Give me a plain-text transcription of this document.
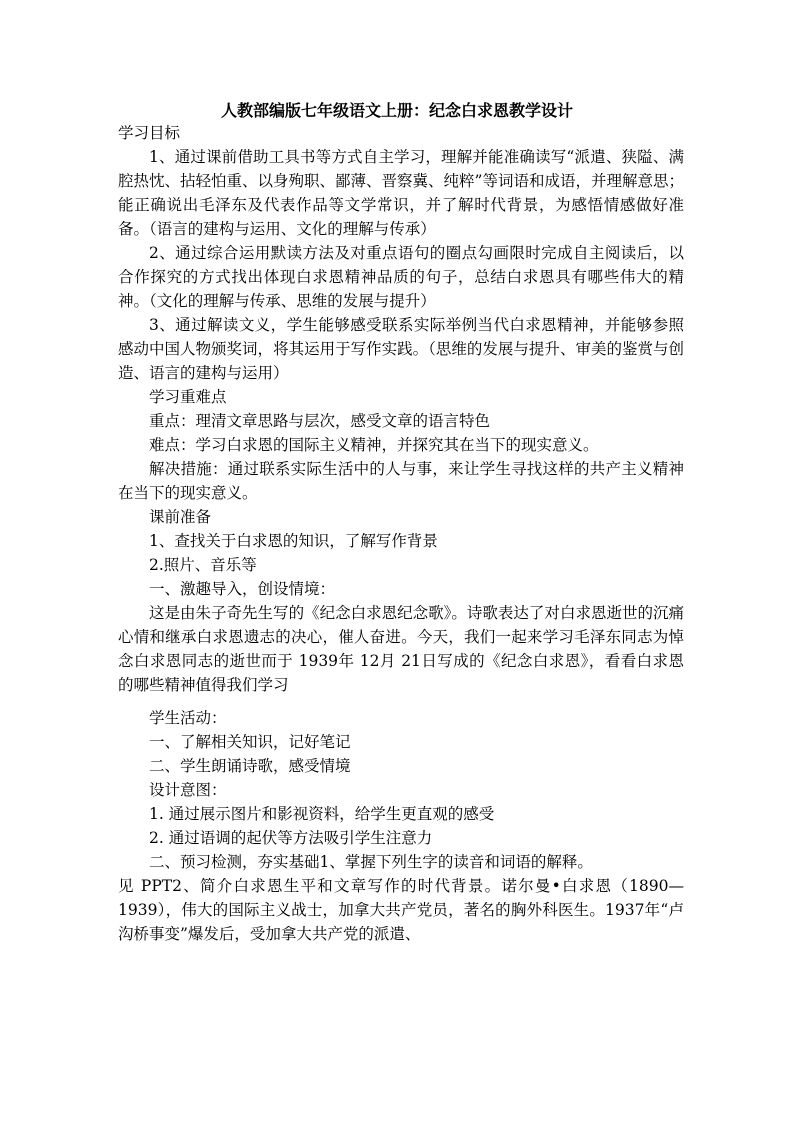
人教部编版七年级语文上册：纪念白求恩教学设计

学习目标

1、通过课前借助工具书等方式自主学习，理解并能准确读写“派遣、狭隘、满腔热忱、拈轻怕重、以身殉职、鄙薄、晋察冀、纯粹”等词语和成语，并理解意思；能正确说出毛泽东及代表作品等文学常识，并了解时代背景，为感悟情感做好准备。（语言的建构与运用、文化的理解与传承）

2、通过综合运用默读方法及对重点语句的圈点勾画限时完成自主阅读后，以合作探究的方式找出体现白求恩精神品质的句子，总结白求恩具有哪些伟大的精神。（文化的理解与传承、思维的发展与提升）

3、通过解读文义，学生能够感受联系实际举例当代白求恩精神，并能够参照感动中国人物颁奖词，将其运用于写作实践。（思维的发展与提升、审美的鉴赏与创造、语言的建构与运用）

学习重难点

重点：理清文章思路与层次，感受文章的语言特色

难点：学习白求恩的国际主义精神，并探究其在当下的现实意义。

解决措施：通过联系实际生活中的人与事，来让学生寻找这样的共产主义精神在当下的现实意义。

课前准备

1、查找关于白求恩的知识，了解写作背景

2.照片、音乐等

一、激趣导入，创设情境：

这是由朱子奇先生写的《纪念白求恩纪念歌》。诗歌表达了对白求恩逝世的沉痛心情和继承白求恩遗志的决心，催人奋进。今天，我们一起来学习毛泽东同志为悼念白求恩同志的逝世而于 1939年 12月 21日写成的《纪念白求恩》，看看白求恩的哪些精神值得我们学习

学生活动：

一、了解相关知识，记好笔记

二、学生朗诵诗歌，感受情境

设计意图：

1. 通过展示图片和影视资料，给学生更直观的感受

2. 通过语调的起伏等方法吸引学生注意力

二、预习检测，夯实基础1、掌握下列生字的读音和词语的解释。

见 PPT2、简介白求恩生平和文章写作的时代背景。诺尔曼•白求恩（1890—1939），伟大的国际主义战士，加拿大共产党员，著名的胸外科医生。1937年“卢沟桥事变”爆发后，受加拿大共产党的派遣、
